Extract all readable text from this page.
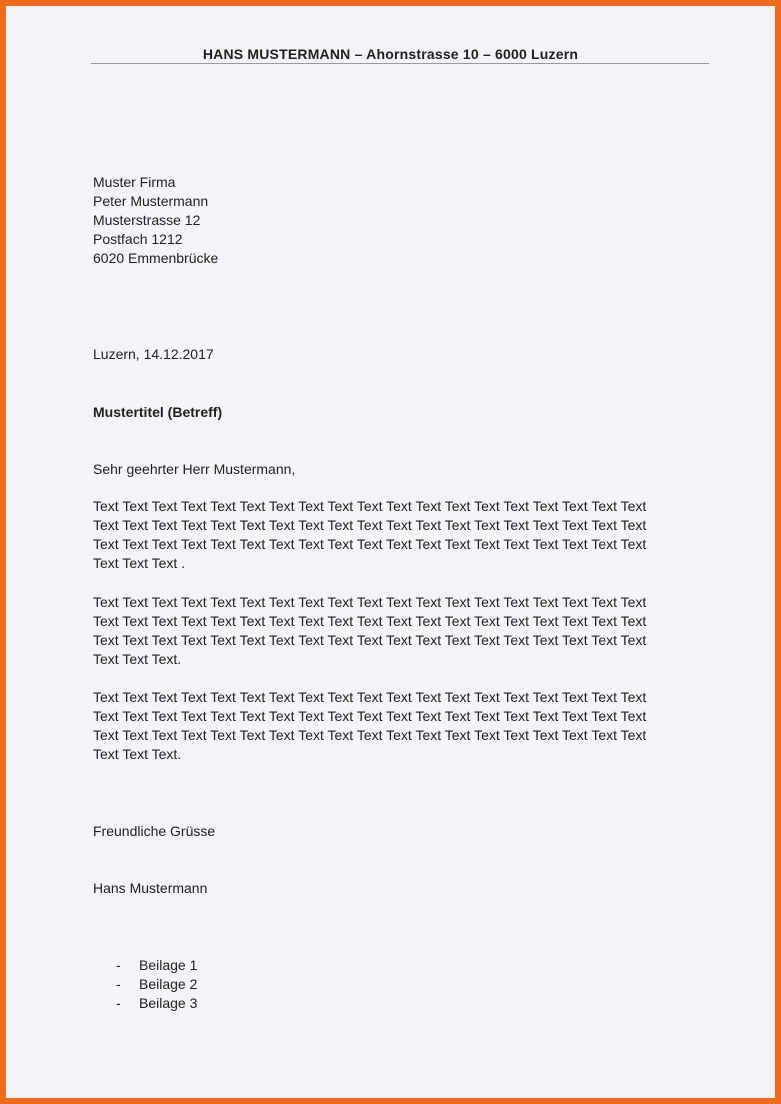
HANS MUSTERMANN – Ahornstrasse 10 – 6000 Luzern
Muster Firma
Peter Mustermann
Musterstrasse 12
Postfach 1212
6020 Emmenbrücke
Luzern, 14.12.2017
Mustertitel (Betreff)
Sehr geehrter Herr Mustermann,
Text Text Text Text Text Text Text Text Text Text Text Text Text Text Text Text Text Text Text
Text Text Text Text Text Text Text Text Text Text Text Text Text Text Text Text Text Text Text
Text Text Text Text Text Text Text Text Text Text Text Text Text Text Text Text Text Text Text
Text Text Text .
Text Text Text Text Text Text Text Text Text Text Text Text Text Text Text Text Text Text Text
Text Text Text Text Text Text Text Text Text Text Text Text Text Text Text Text Text Text Text
Text Text Text Text Text Text Text Text Text Text Text Text Text Text Text Text Text Text Text
Text Text Text.
Text Text Text Text Text Text Text Text Text Text Text Text Text Text Text Text Text Text Text
Text Text Text Text Text Text Text Text Text Text Text Text Text Text Text Text Text Text Text
Text Text Text Text Text Text Text Text Text Text Text Text Text Text Text Text Text Text Text
Text Text Text.
Freundliche Grüsse
Hans Mustermann
- Beilage 1
- Beilage 2
- Beilage 3
